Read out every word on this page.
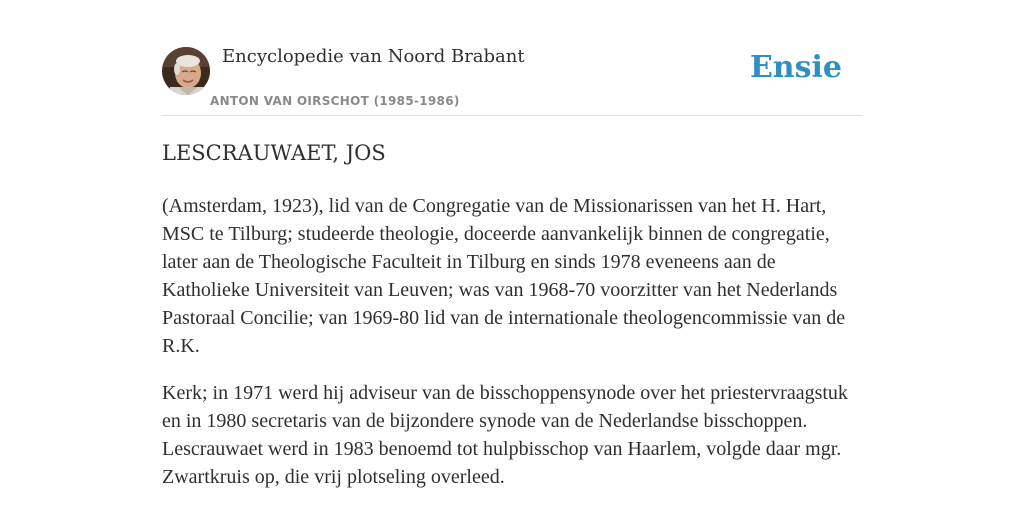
Encyclopedie van Noord Brabant
ANTON VAN OIRSCHOT (1985-1986)
Ensie
LESCRAUWAET, JOS

(Amsterdam, 1923), lid van de Congregatie van de Missionarissen van het H. Hart, MSC te Tilburg; studeerde theologie, doceerde aanvankelijk binnen de congregatie, later aan de Theologische Faculteit in Tilburg en sinds 1978 eveneens aan de Katholieke Universiteit van Leuven; was van 1968-70 voorzitter van het Nederlands Pastoraal Concilie; van 1969-80 lid van de internationale theologencommissie van de R.K.

Kerk; in 1971 werd hij adviseur van de bisschoppensynode over het priestervraagstuk en in 1980 secretaris van de bijzondere synode van de Nederlandse bisschoppen. Lescrauwaet werd in 1983 benoemd tot hulpbisschop van Haarlem, volgde daar mgr. Zwartkruis op, die vrij plotseling overleed.
